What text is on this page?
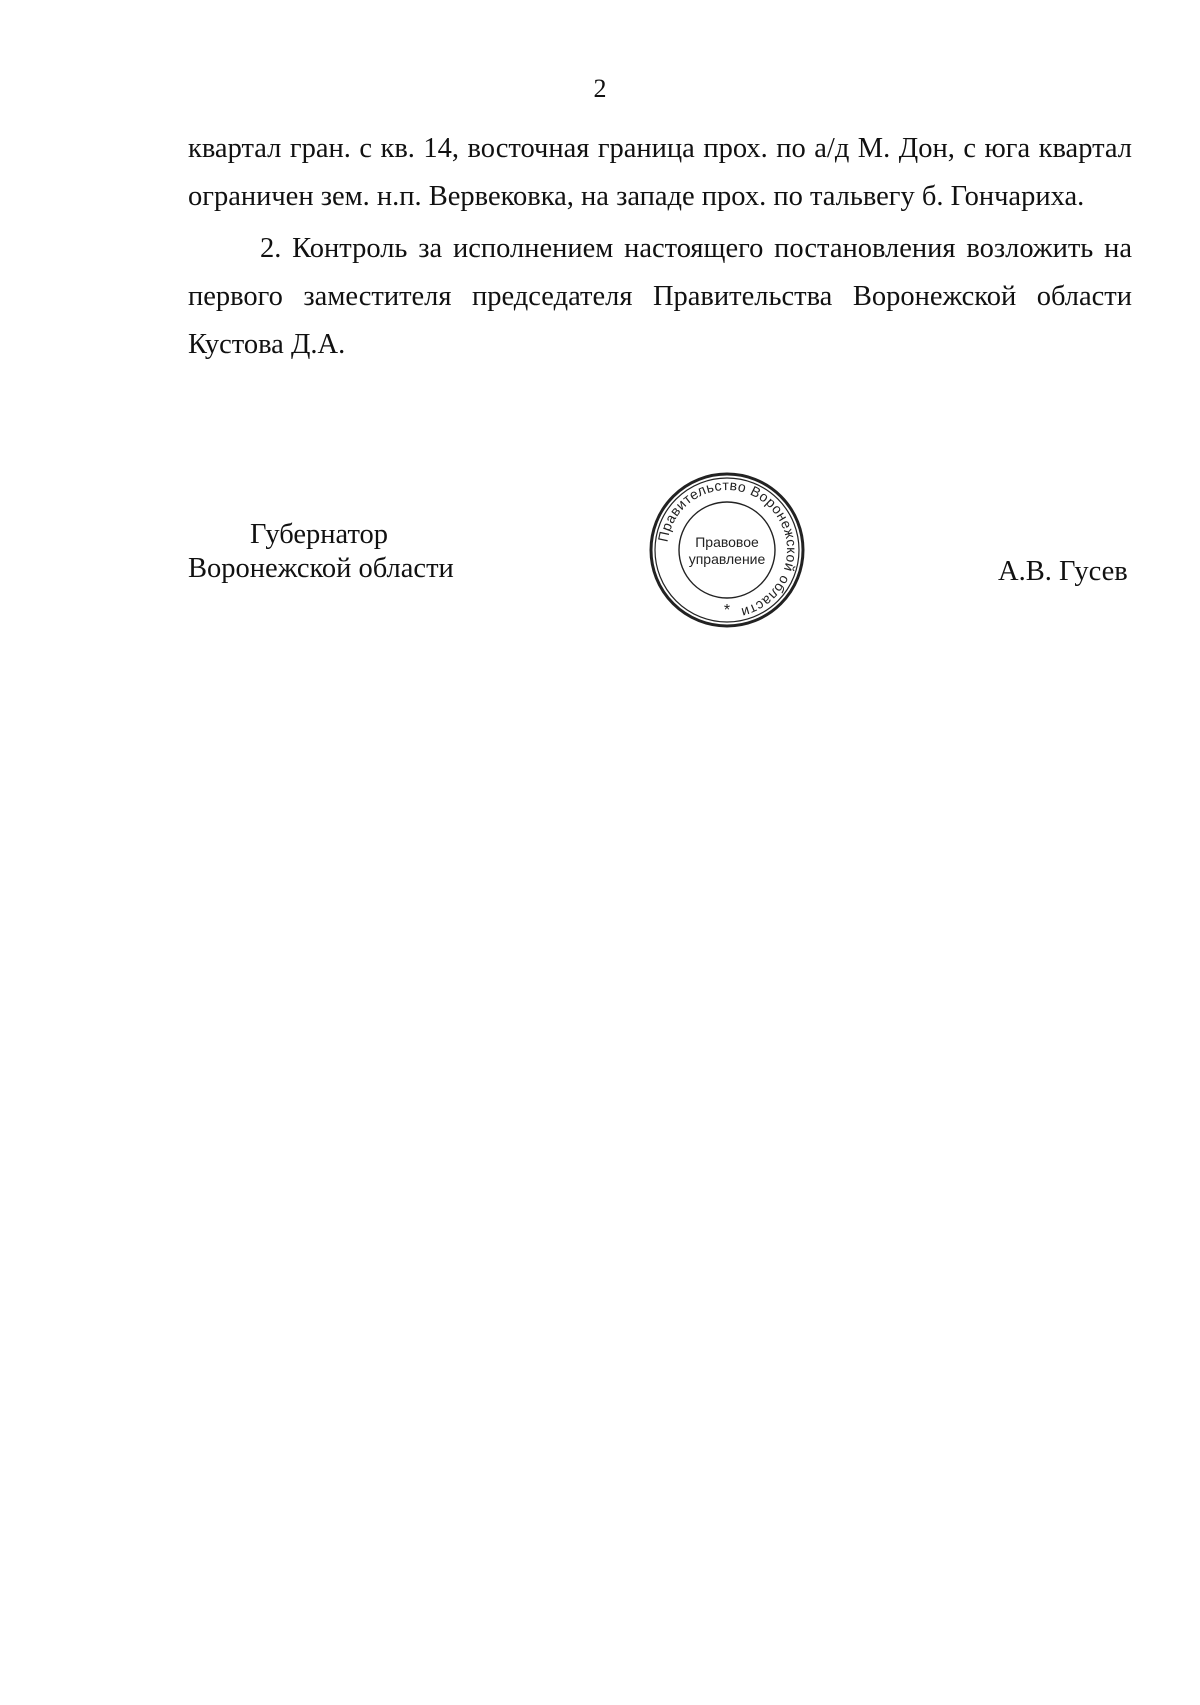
2
квартал гран. с кв. 14, восточная граница прох. по а/д М. Дон, с юга квартал
ограничен зем. н.п. Вервековка, на западе прох. по тальвегу б. Гончариха.
2. Контроль за исполнением настоящего постановления возложить на
первого заместителя председателя Правительства Воронежской области
Кустова Д.А.
Губернатор
Воронежской области
Правительство Воронежской области
Правовое
управление
*
А.В. Гусев
